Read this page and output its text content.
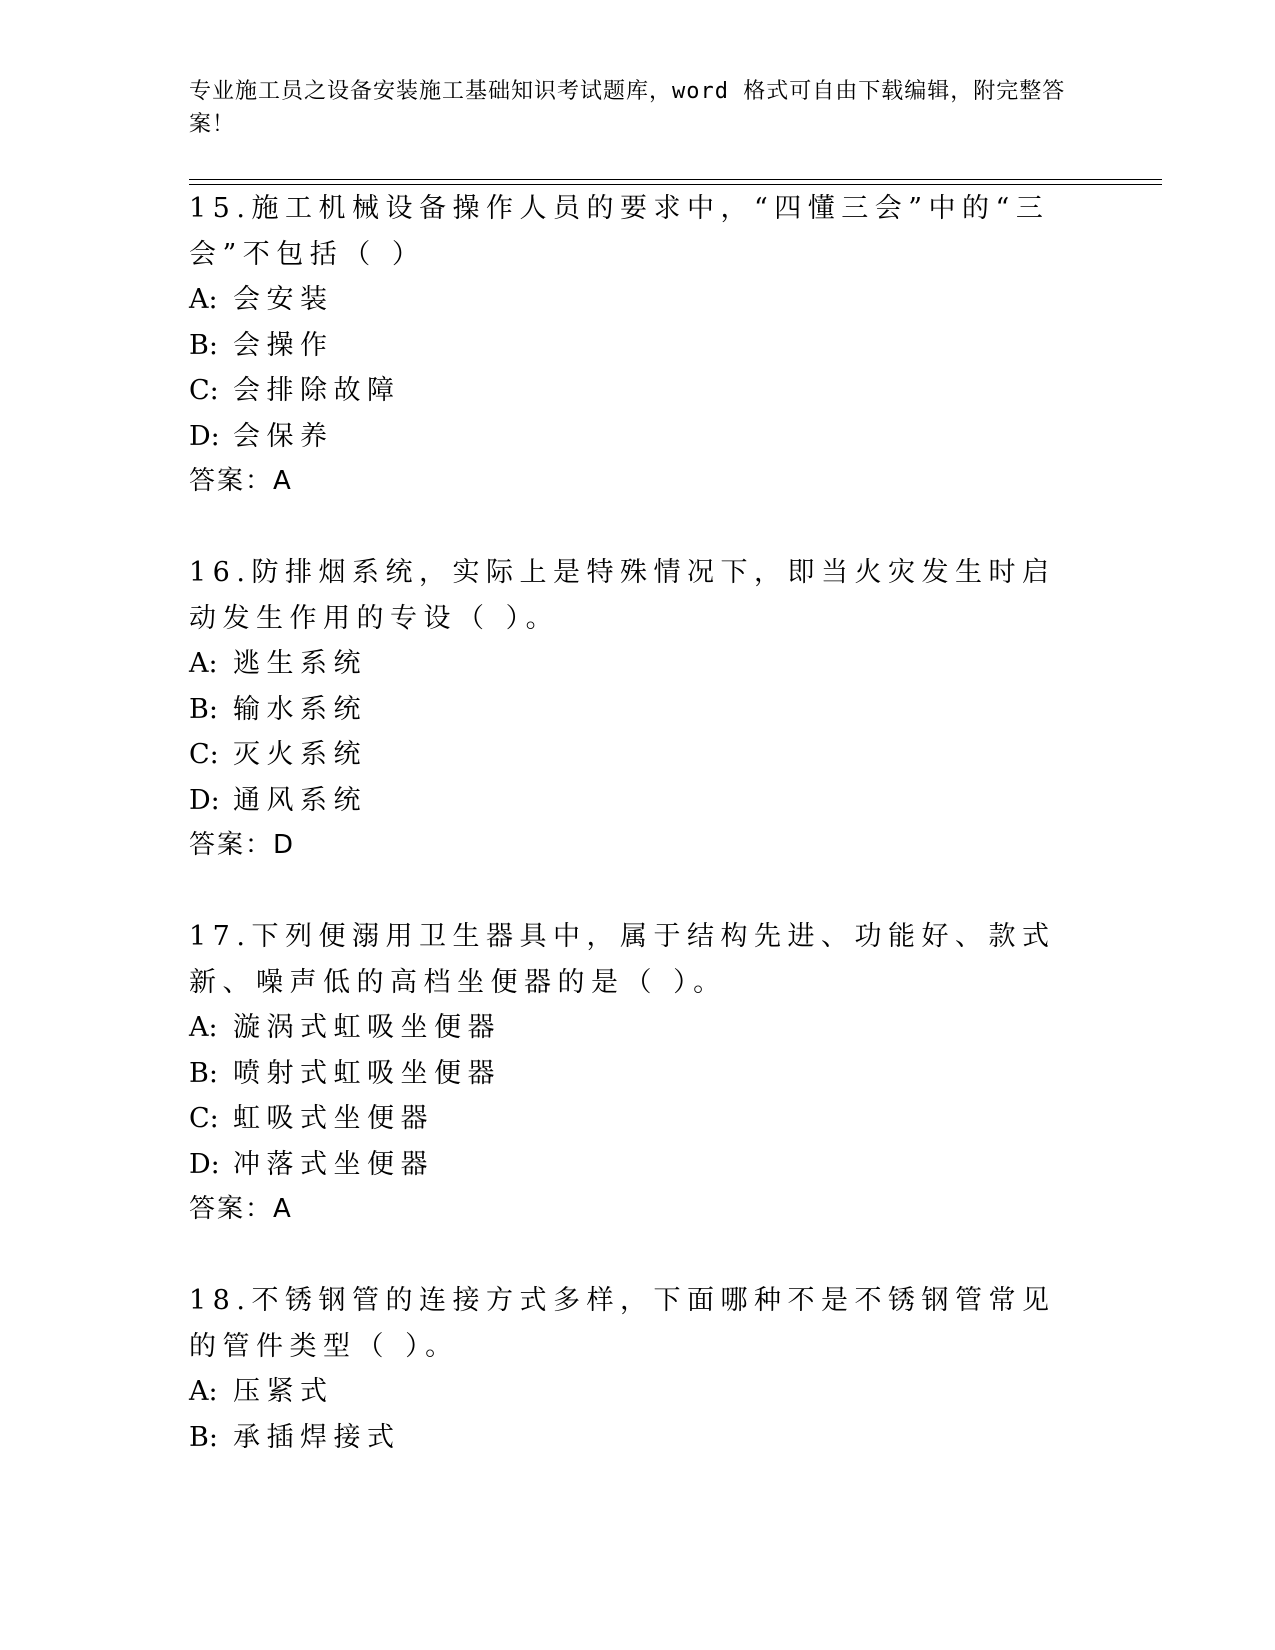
专业施工员之设备安装施工基础知识考试题库，word 格式可自由下载编辑，附完整答案！
15.施工机械设备操作人员的要求中，“四懂三会”中的“三会”不包括（ ）
A: 会安装
B: 会操作
C: 会排除故障
D: 会保养
答案：A
16.防排烟系统，实际上是特殊情况下，即当火灾发生时启动发生作用的专设（ ）。
A: 逃生系统
B: 输水系统
C: 灭火系统
D: 通风系统
答案：D
17.下列便溺用卫生器具中，属于结构先进、功能好、款式新、噪声低的高档坐便器的是（ ）。
A: 漩涡式虹吸坐便器
B: 喷射式虹吸坐便器
C: 虹吸式坐便器
D: 冲落式坐便器
答案：A
18.不锈钢管的连接方式多样，下面哪种不是不锈钢管常见的管件类型（ ）。
A: 压紧式
B: 承插焊接式
